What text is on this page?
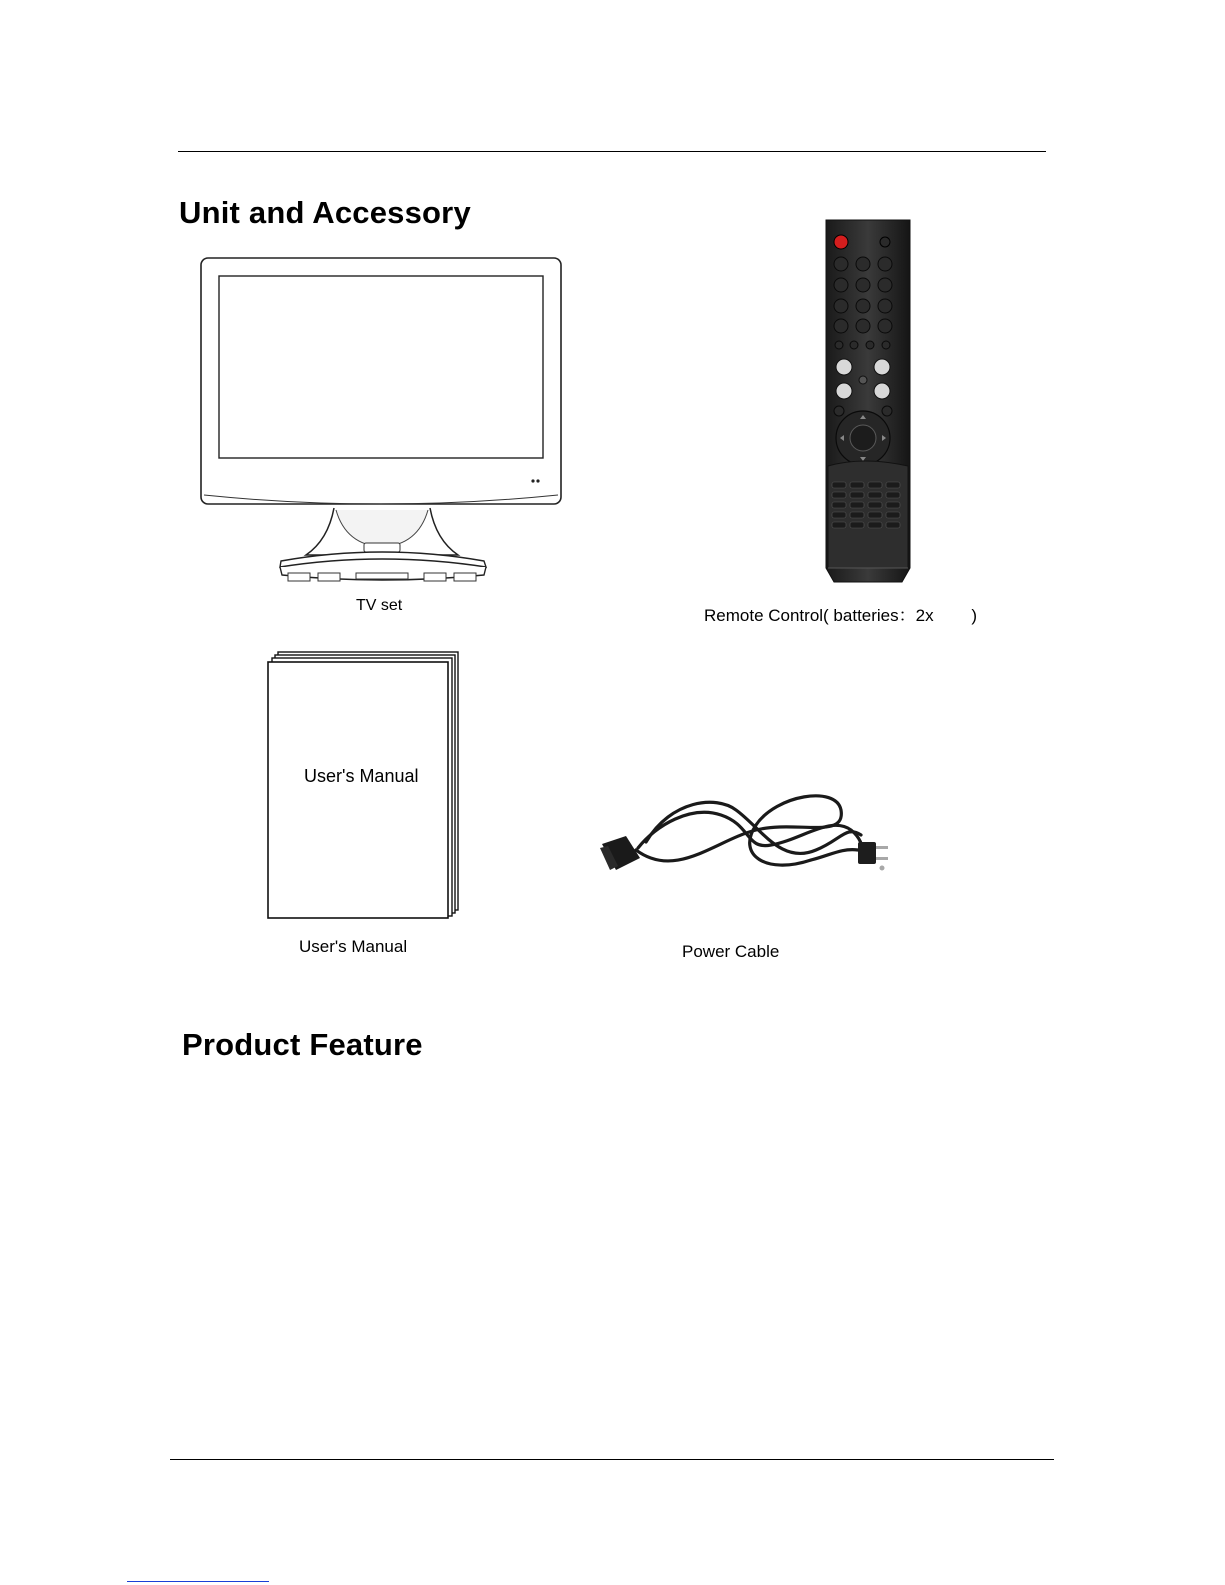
Unit and Accessory
TV set
Remote Control( batteries：2x        )
User's Manual
User's Manual	Power Cable
Product Feature
